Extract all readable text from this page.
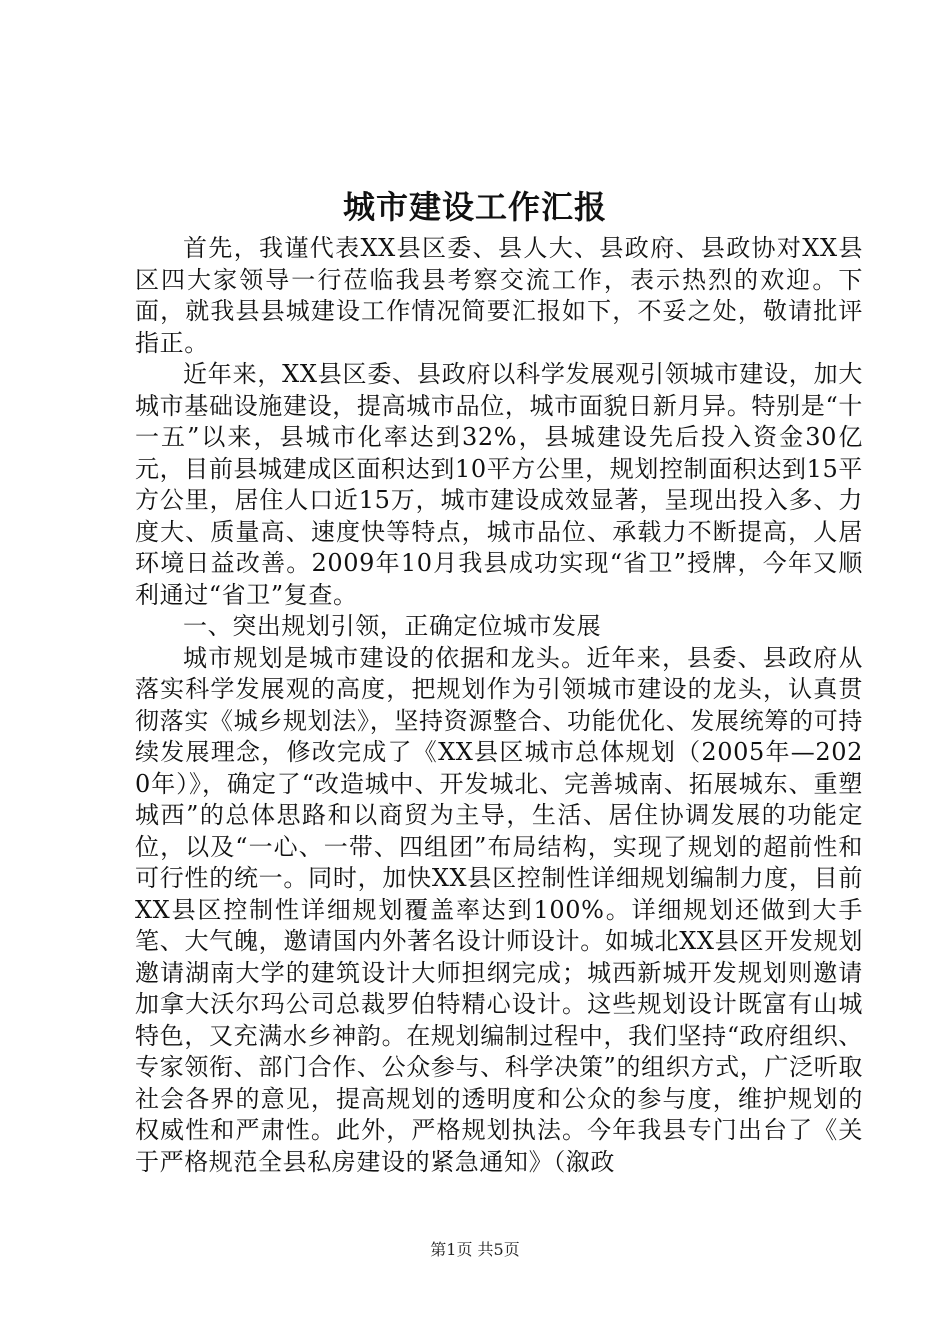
城市建设工作汇报

首先，我谨代表XX县区委、县人大、县政府、县政协对XX县区四大家领导一行莅临我县考察交流工作，表示热烈的欢迎。下面，就我县县城建设工作情况简要汇报如下，不妥之处，敬请批评指正。

近年来，XX县区委、县政府以科学发展观引领城市建设，加大城市基础设施建设，提高城市品位，城市面貌日新月异。特别是“十一五”以来，县城市化率达到32%，县城建设先后投入资金30亿元，目前县城建成区面积达到10平方公里，规划控制面积达到15平方公里，居住人口近15万，城市建设成效显著，呈现出投入多、力度大、质量高、速度快等特点，城市品位、承载力不断提高，人居环境日益改善。2009年10月我县成功实现“省卫”授牌，今年又顺利通过“省卫”复查。

一、突出规划引领，正确定位城市发展

城市规划是城市建设的依据和龙头。近年来，县委、县政府从落实科学发展观的高度，把规划作为引领城市建设的龙头，认真贯彻落实《城乡规划法》，坚持资源整合、功能优化、发展统筹的可持续发展理念，修改完成了《XX县区城市总体规划（2005年—2020年）》，确定了“改造城中、开发城北、完善城南、拓展城东、重塑城西”的总体思路和以商贸为主导，生活、居住协调发展的功能定位，以及“一心、一带、四组团”布局结构，实现了规划的超前性和可行性的统一。同时，加快XX县区控制性详细规划编制力度，目前XX县区控制性详细规划覆盖率达到100%。详细规划还做到大手笔、大气魄，邀请国内外著名设计师设计。如城北XX县区开发规划邀请湖南大学的建筑设计大师担纲完成；城西新城开发规划则邀请加拿大沃尔玛公司总裁罗伯特精心设计。这些规划设计既富有山城特色，又充满水乡神韵。在规划编制过程中，我们坚持“政府组织、专家领衔、部门合作、公众参与、科学决策”的组织方式，广泛听取社会各界的意见，提高规划的透明度和公众的参与度，维护规划的权威性和严肃性。此外，严格规划执法。今年我县专门出台了《关于严格规范全县私房建设的紧急通知》（溆政

第1页 共5页
